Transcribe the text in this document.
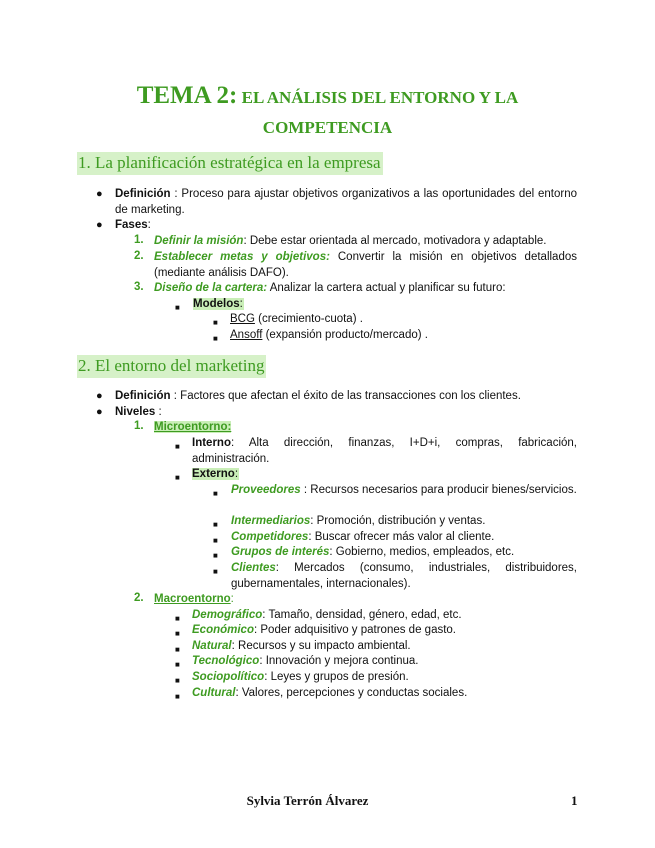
TEMA 2: EL ANÁLISIS DEL ENTORNO Y LA
COMPETENCIA
1. La planificación estratégica en la empresa
● Definición : Proceso para ajustar objetivos organizativos a las oportunidades del entorno de marketing.
● Fases:
1. Definir la misión: Debe estar orientada al mercado, motivadora y adaptable.
2. Establecer metas y objetivos: Convertir la misión en objetivos detallados (mediante análisis DAFO).
3. Diseño de la cartera: Analizar la cartera actual y planificar su futuro:
■ Modelos:
■ BCG (crecimiento-cuota) .
■ Ansoff (expansión producto/mercado) .
2. El entorno del marketing
● Definición : Factores que afectan el éxito de las transacciones con los clientes.
● Niveles :
1. Microentorno:
■ Interno: Alta dirección, finanzas, I+D+i, compras, fabricación, administración.
■ Externo:
■ Proveedores : Recursos necesarios para producir bienes/servicios.
■ Intermediarios: Promoción, distribución y ventas.
■ Competidores: Buscar ofrecer más valor al cliente.
■ Grupos de interés: Gobierno, medios, empleados, etc.
■ Clientes: Mercados (consumo, industriales, distribuidores, gubernamentales, internacionales).
2. Macroentorno:
■ Demográfico: Tamaño, densidad, género, edad, etc.
■ Económico: Poder adquisitivo y patrones de gasto.
■ Natural: Recursos y su impacto ambiental.
■ Tecnológico: Innovación y mejora continua.
■ Sociopolítico: Leyes y grupos de presión.
■ Cultural: Valores, percepciones y conductas sociales.
Sylvia Terrón Álvarez	1
